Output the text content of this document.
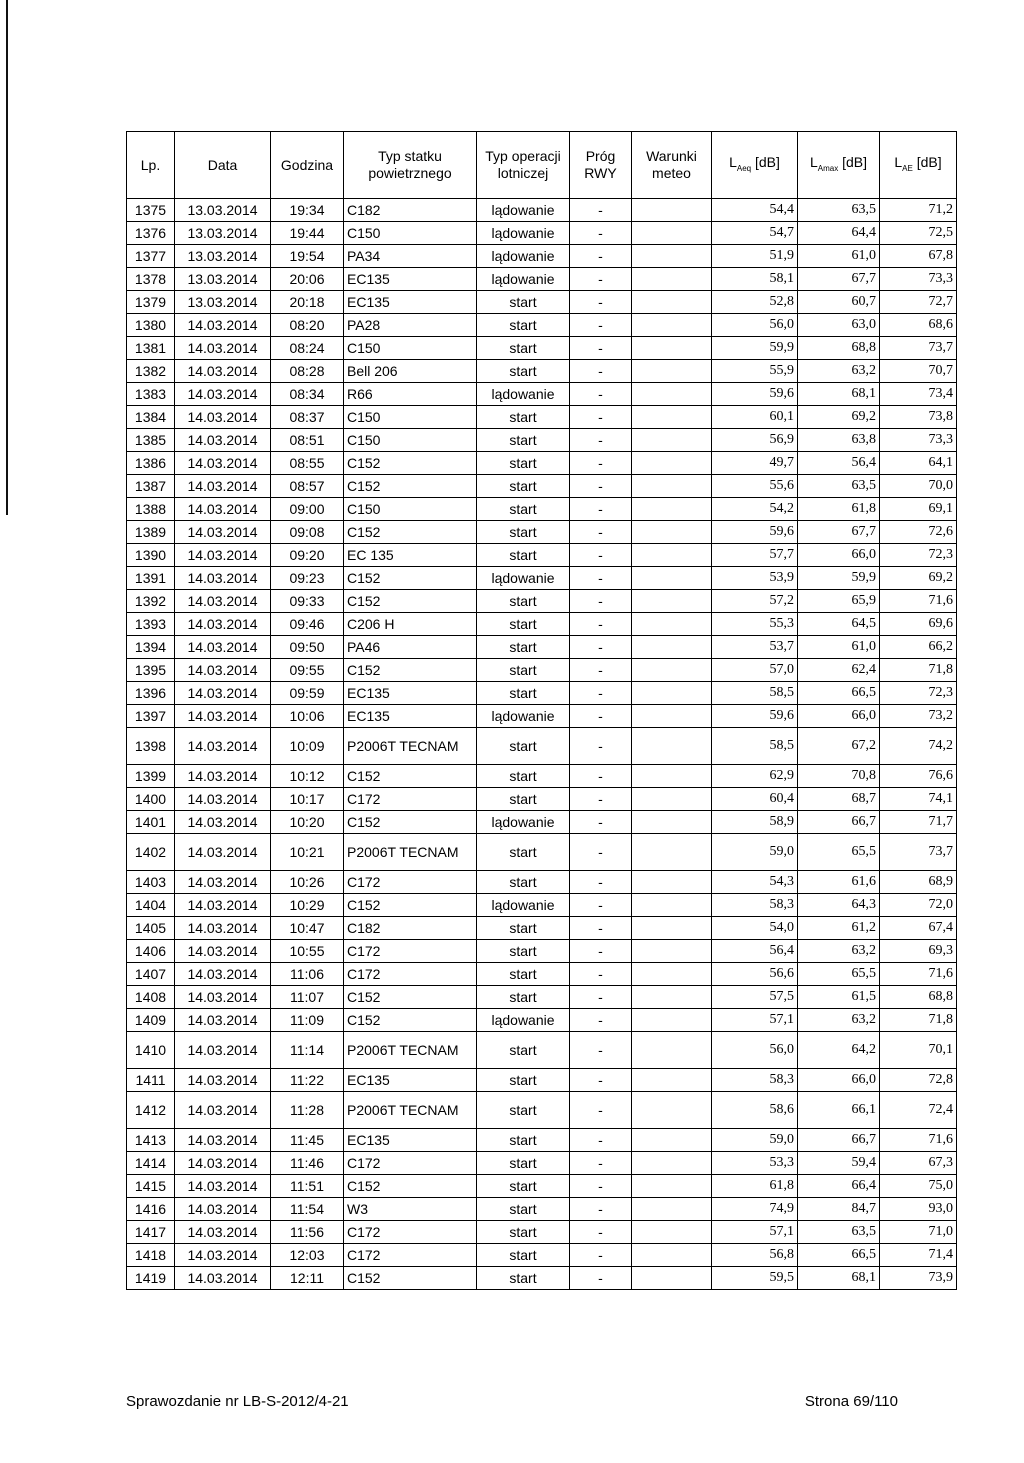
Lp.	Data	Godzina	Typ statku powietrznego	Typ operacji lotniczej	Próg RWY	Warunki meteo	$L_{Aeq}$ [dB]	$L_{Amax}$ [dB]	$L_{AE}$ [dB]
1375	13.03.2014	19:34	C182	lądowanie	-		54,4	63,5	71,2
1376	13.03.2014	19:44	C150	lądowanie	-		54,7	64,4	72,5
1377	13.03.2014	19:54	PA34	lądowanie	-		51,9	61,0	67,8
1378	13.03.2014	20:06	EC135	lądowanie	-		58,1	67,7	73,3
1379	13.03.2014	20:18	EC135	start	-		52,8	60,7	72,7
1380	14.03.2014	08:20	PA28	start	-		56,0	63,0	68,6
1381	14.03.2014	08:24	C150	start	-		59,9	68,8	73,7
1382	14.03.2014	08:28	Bell 206	start	-		55,9	63,2	70,7
1383	14.03.2014	08:34	R66	lądowanie	-		59,6	68,1	73,4
1384	14.03.2014	08:37	C150	start	-		60,1	69,2	73,8
1385	14.03.2014	08:51	C150	start	-		56,9	63,8	73,3
1386	14.03.2014	08:55	C152	start	-		49,7	56,4	64,1
1387	14.03.2014	08:57	C152	start	-		55,6	63,5	70,0
1388	14.03.2014	09:00	C150	start	-		54,2	61,8	69,1
1389	14.03.2014	09:08	C152	start	-		59,6	67,7	72,6
1390	14.03.2014	09:20	EC 135	start	-		57,7	66,0	72,3
1391	14.03.2014	09:23	C152	lądowanie	-		53,9	59,9	69,2
1392	14.03.2014	09:33	C152	start	-		57,2	65,9	71,6
1393	14.03.2014	09:46	C206 H	start	-		55,3	64,5	69,6
1394	14.03.2014	09:50	PA46	start	-		53,7	61,0	66,2
1395	14.03.2014	09:55	C152	start	-		57,0	62,4	71,8
1396	14.03.2014	09:59	EC135	start	-		58,5	66,5	72,3
1397	14.03.2014	10:06	EC135	lądowanie	-		59,6	66,0	73,2
1398	14.03.2014	10:09	P2006T TECNAM	start	-		58,5	67,2	74,2
1399	14.03.2014	10:12	C152	start	-		62,9	70,8	76,6
1400	14.03.2014	10:17	C172	start	-		60,4	68,7	74,1
1401	14.03.2014	10:20	C152	lądowanie	-		58,9	66,7	71,7
1402	14.03.2014	10:21	P2006T TECNAM	start	-		59,0	65,5	73,7
1403	14.03.2014	10:26	C172	start	-		54,3	61,6	68,9
1404	14.03.2014	10:29	C152	lądowanie	-		58,3	64,3	72,0
1405	14.03.2014	10:47	C182	start	-		54,0	61,2	67,4
1406	14.03.2014	10:55	C172	start	-		56,4	63,2	69,3
1407	14.03.2014	11:06	C172	start	-		56,6	65,5	71,6
1408	14.03.2014	11:07	C152	start	-		57,5	61,5	68,8
1409	14.03.2014	11:09	C152	lądowanie	-		57,1	63,2	71,8
1410	14.03.2014	11:14	P2006T TECNAM	start	-		56,0	64,2	70,1
1411	14.03.2014	11:22	EC135	start	-		58,3	66,0	72,8
1412	14.03.2014	11:28	P2006T TECNAM	start	-		58,6	66,1	72,4
1413	14.03.2014	11:45	EC135	start	-		59,0	66,7	71,6
1414	14.03.2014	11:46	C172	start	-		53,3	59,4	67,3
1415	14.03.2014	11:51	C152	start	-		61,8	66,4	75,0
1416	14.03.2014	11:54	W3	start	-		74,9	84,7	93,0
1417	14.03.2014	11:56	C172	start	-		57,1	63,5	71,0
1418	14.03.2014	12:03	C172	start	-		56,8	66,5	71,4
1419	14.03.2014	12:11	C152	start	-		59,5	68,1	73,9
Sprawozdanie nr LB-S-2012/4-21	Strona 69/110
